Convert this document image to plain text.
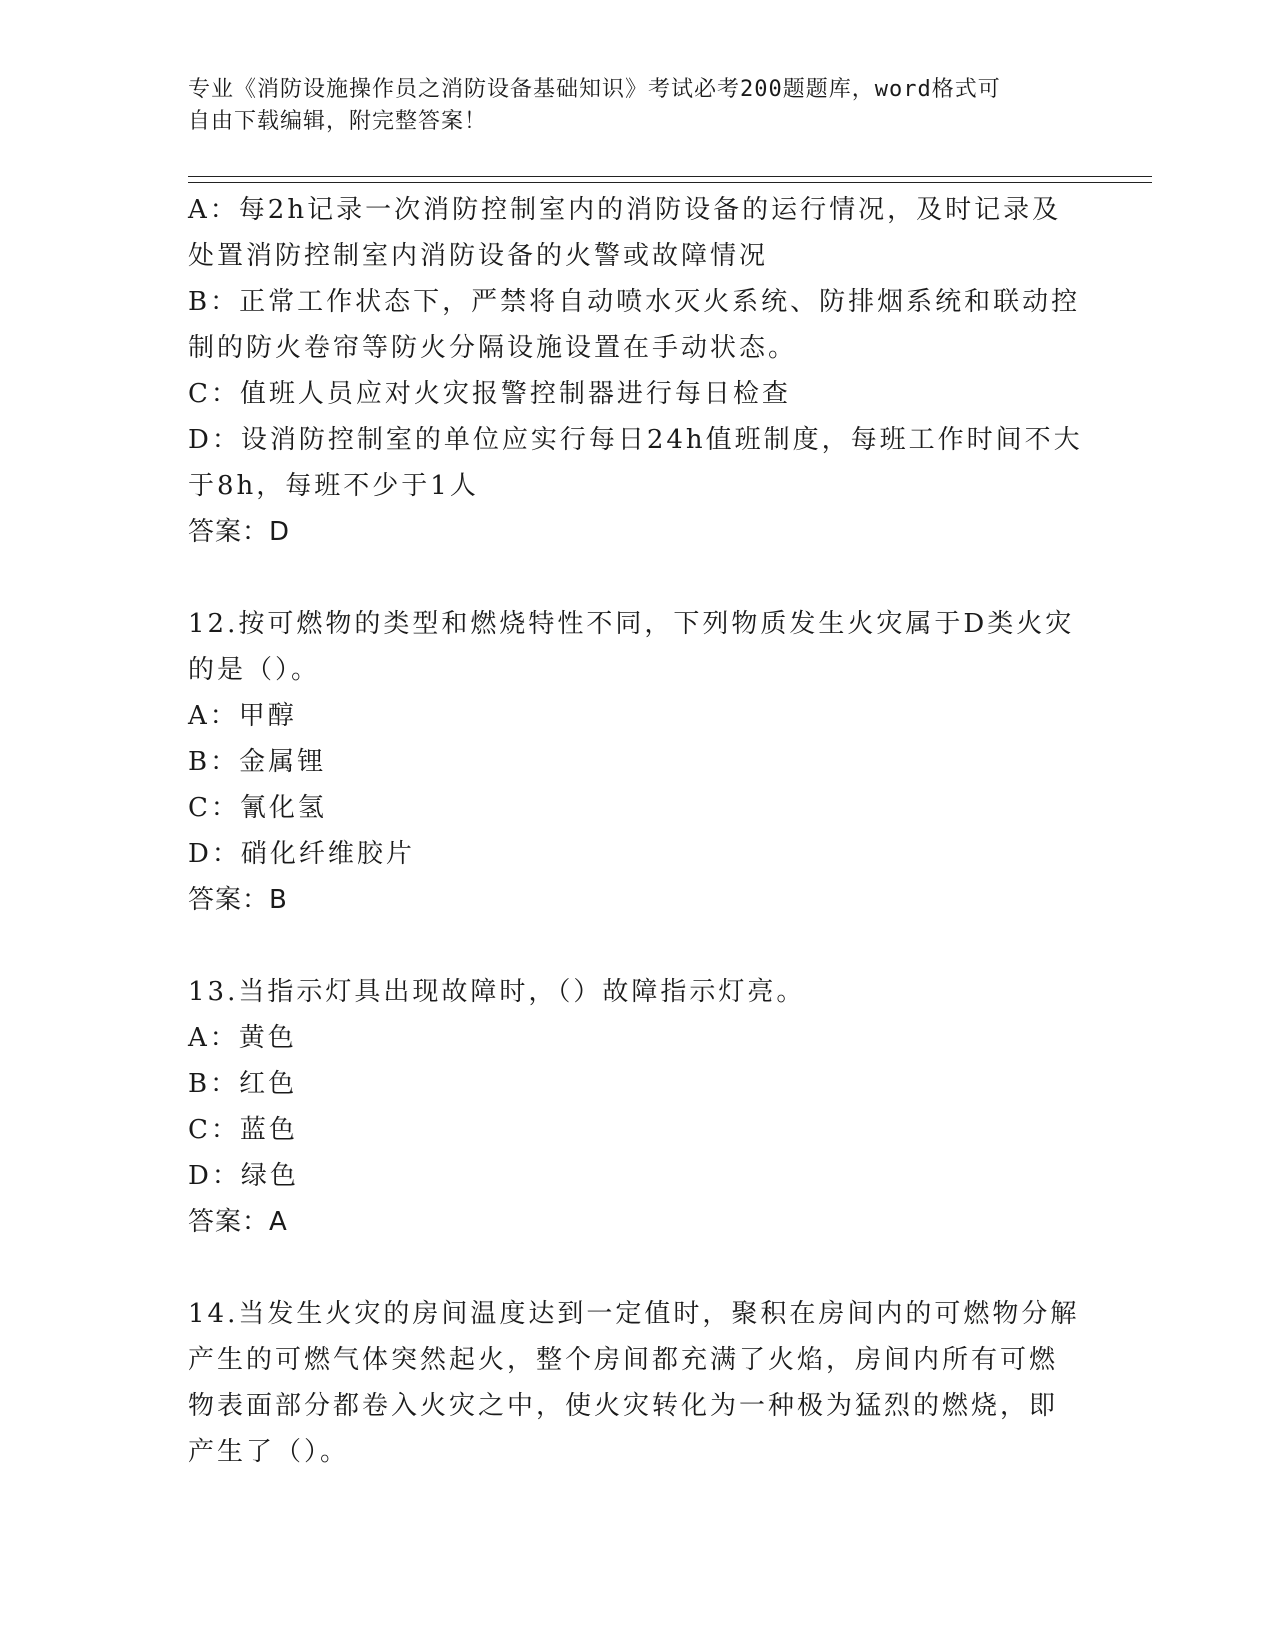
专业《消防设施操作员之消防设备基础知识》考试必考200题题库，word格式可
自由下载编辑，附完整答案！
A：每2h记录一次消防控制室内的消防设备的运行情况，及时记录及
处置消防控制室内消防设备的火警或故障情况
B：正常工作状态下，严禁将自动喷水灭火系统、防排烟系统和联动控
制的防火卷帘等防火分隔设施设置在手动状态。
C：值班人员应对火灾报警控制器进行每日检查
D：设消防控制室的单位应实行每日24h值班制度，每班工作时间不大
于8h，每班不少于1人
答案：D
12.按可燃物的类型和燃烧特性不同，下列物质发生火灾属于D类火灾
的是（）。
A：甲醇
B：金属锂
C：氰化氢
D：硝化纤维胶片
答案：B
13.当指示灯具出现故障时，（）故障指示灯亮。
A：黄色
B：红色
C：蓝色
D：绿色
答案：A
14.当发生火灾的房间温度达到一定值时，聚积在房间内的可燃物分解
产生的可燃气体突然起火，整个房间都充满了火焰，房间内所有可燃
物表面部分都卷入火灾之中，使火灾转化为一种极为猛烈的燃烧，即
产生了（）。
